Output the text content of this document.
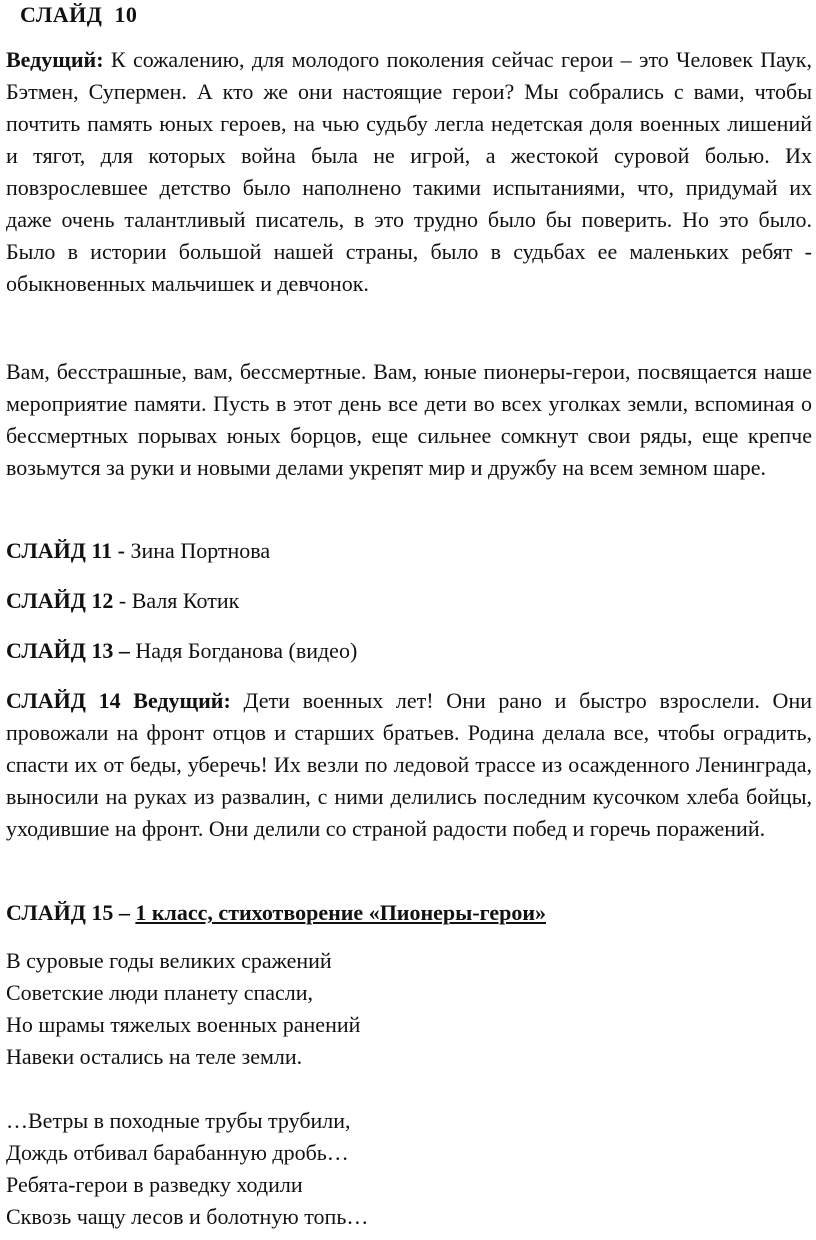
СЛАЙД  10

Ведущий: К сожалению, для молодого поколения сейчас герои – это Человек Паук, Бэтмен, Супермен. А кто же они настоящие герои? Мы собрались с вами, чтобы почтить память юных героев, на чью судьбу легла недетская доля военных лишений и тягот, для которых война была не игрой, а жестокой суровой болью. Их повзрослевшее детство было наполнено такими испытаниями, что, придумай их даже очень талантливый писатель, в это трудно было бы поверить. Но это было. Было в истории большой нашей страны, было в судьбах ее маленьких ребят - обыкновенных мальчишек и девчонок.

Вам, бесстрашные, вам, бессмертные. Вам, юные пионеры-герои, посвящается наше мероприятие памяти. Пусть в этот день все дети во всех уголках земли, вспоминая о бессмертных порывах юных борцов, еще сильнее сомкнут свои ряды, еще крепче возьмутся за руки и новыми делами укрепят мир и дружбу на всем земном шаре.

СЛАЙД 11 - Зина Портнова

СЛАЙД 12 - Валя Котик

СЛАЙД 13 – Надя Богданова (видео)

СЛАЙД 14 Ведущий: Дети военных лет! Они рано и быстро взрослели. Они провожали на фронт отцов и старших братьев. Родина делала все, чтобы оградить, спасти их от беды, уберечь! Их везли по ледовой трассе из осажденного Ленинграда, выносили на руках из развалин, с ними делились последним кусочком хлеба бойцы, уходившие на фронт. Они делили со страной радости побед и горечь поражений.

СЛАЙД 15 – 1 класс, стихотворение «Пионеры-герои»

В суровые годы великих сражений
Советские люди планету спасли,
Но шрамы тяжелых военных ранений
Навеки остались на теле земли.
…Ветры в походные трубы трубили,
Дождь отбивал барабанную дробь…
Ребята-герои в разведку ходили
Сквозь чащу лесов и болотную топь…
